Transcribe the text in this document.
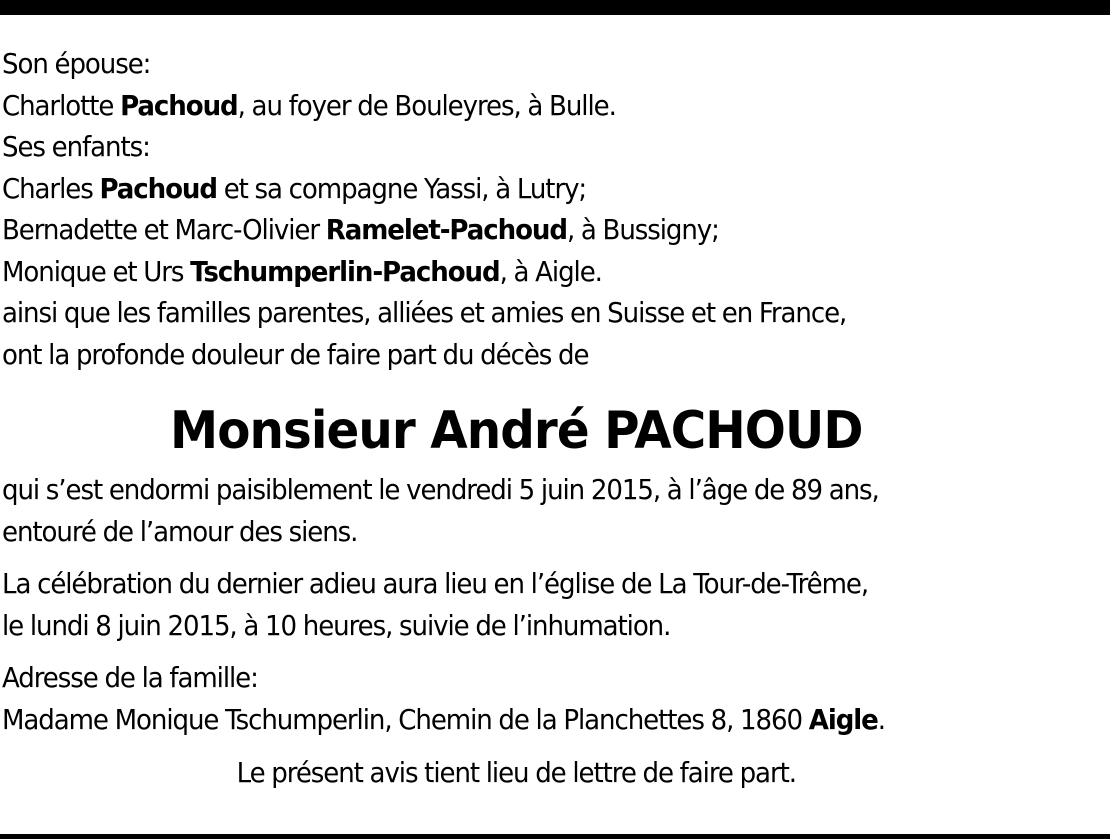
Son épouse:
Charlotte Pachoud, au foyer de Bouleyres, à Bulle.

Ses enfants:
Charles Pachoud et sa compagne Yassi, à Lutry;
Bernadette et Marc-Olivier Ramelet-Pachoud, à Bussigny;
Monique et Urs Tschumperlin-Pachoud, à Aigle.

ainsi que les familles parentes, alliées et amies en Suisse et en France,
ont la profonde douleur de faire part du décès de

Monsieur André PACHOUD

qui s’est endormi paisiblement le vendredi 5 juin 2015, à l’âge de 89 ans,
entouré de l’amour des siens.

La célébration du dernier adieu aura lieu en l’église de La Tour-de-Trême,
le lundi 8 juin 2015, à 10 heures, suivie de l’inhumation.

Adresse de la famille:
Madame Monique Tschumperlin, Chemin de la Planchettes 8, 1860 Aigle.

Le présent avis tient lieu de lettre de faire part.
